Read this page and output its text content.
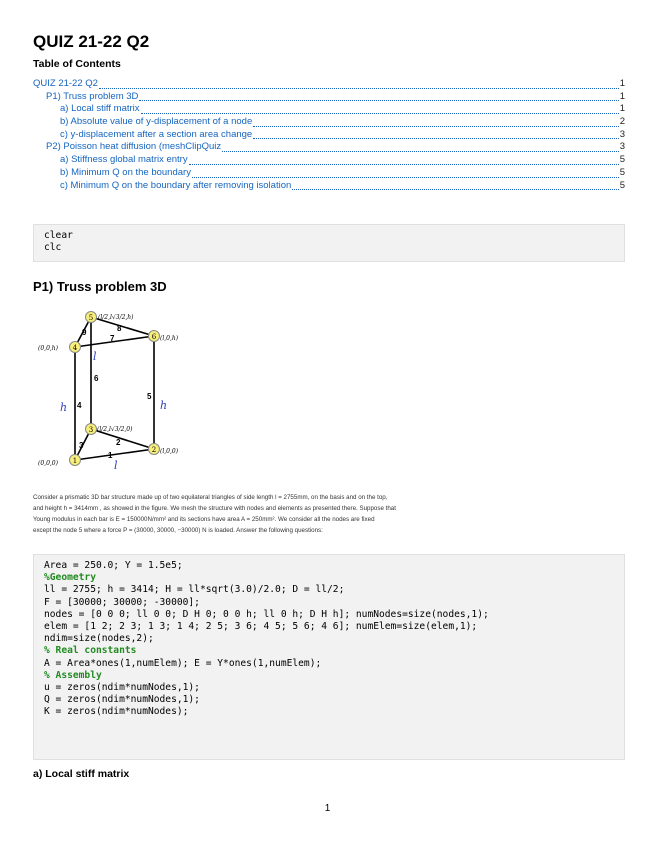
QUIZ 21-22 Q2
Table of Contents
QUIZ 21-22 Q2	1
P1) Truss problem 3D	1
a) Local stiff matrix	1
b) Absolute value of y-displacement of a node	2
c) y-displacement after a section area change	3
P2) Poisson heat diffusion (meshClipQuiz	3
a) Stiffness global matrix entry	5
b) Minimum Q on the boundary	5
c) Minimum Q on the boundary after removing isolation	5
clear
clc
P1) Truss problem 3D
1
2
3
4
5
6
(0,0,0)
(l,0,0)
(l/2,l√3/2,0)
(0,0,h)
(l/2,l√3/2,h)
(l,0,h)
1
2
3
4
5
6
7
8
9
l
l
h	h
Consider a prismatic 3D bar structure made up of two equilateral triangles of side length l = 2755mm, on the basis and on the top,
and height h = 3414mm , as showed in the figure. We mesh the structure with nodes and elements as presented there. Suppose that
Young modulus in each bar is E = 150000N/mm² and its sections have area A = 250mm². We consider all the nodes are fixed
except the node 5 where a force P = (30000, 30000, −30000) N is loaded. Answer the following questions:
Area = 250.0; Y = 1.5e5;
%Geometry
ll = 2755; h = 3414; H = ll*sqrt(3.0)/2.0; D = ll/2;
F = [30000; 30000; -30000];
nodes = [0 0 0; ll 0 0; D H 0; 0 0 h; ll 0 h; D H h]; numNodes=size(nodes,1);
elem = [1 2; 2 3; 1 3; 1 4; 2 5; 3 6; 4 5; 5 6; 4 6]; numElem=size(elem,1);
ndim=size(nodes,2);
% Real constants
A = Area*ones(1,numElem); E = Y*ones(1,numElem);
% Assembly
u = zeros(ndim*numNodes,1);
Q = zeros(ndim*numNodes,1);
K = zeros(ndim*numNodes);
a) Local stiff matrix
1
